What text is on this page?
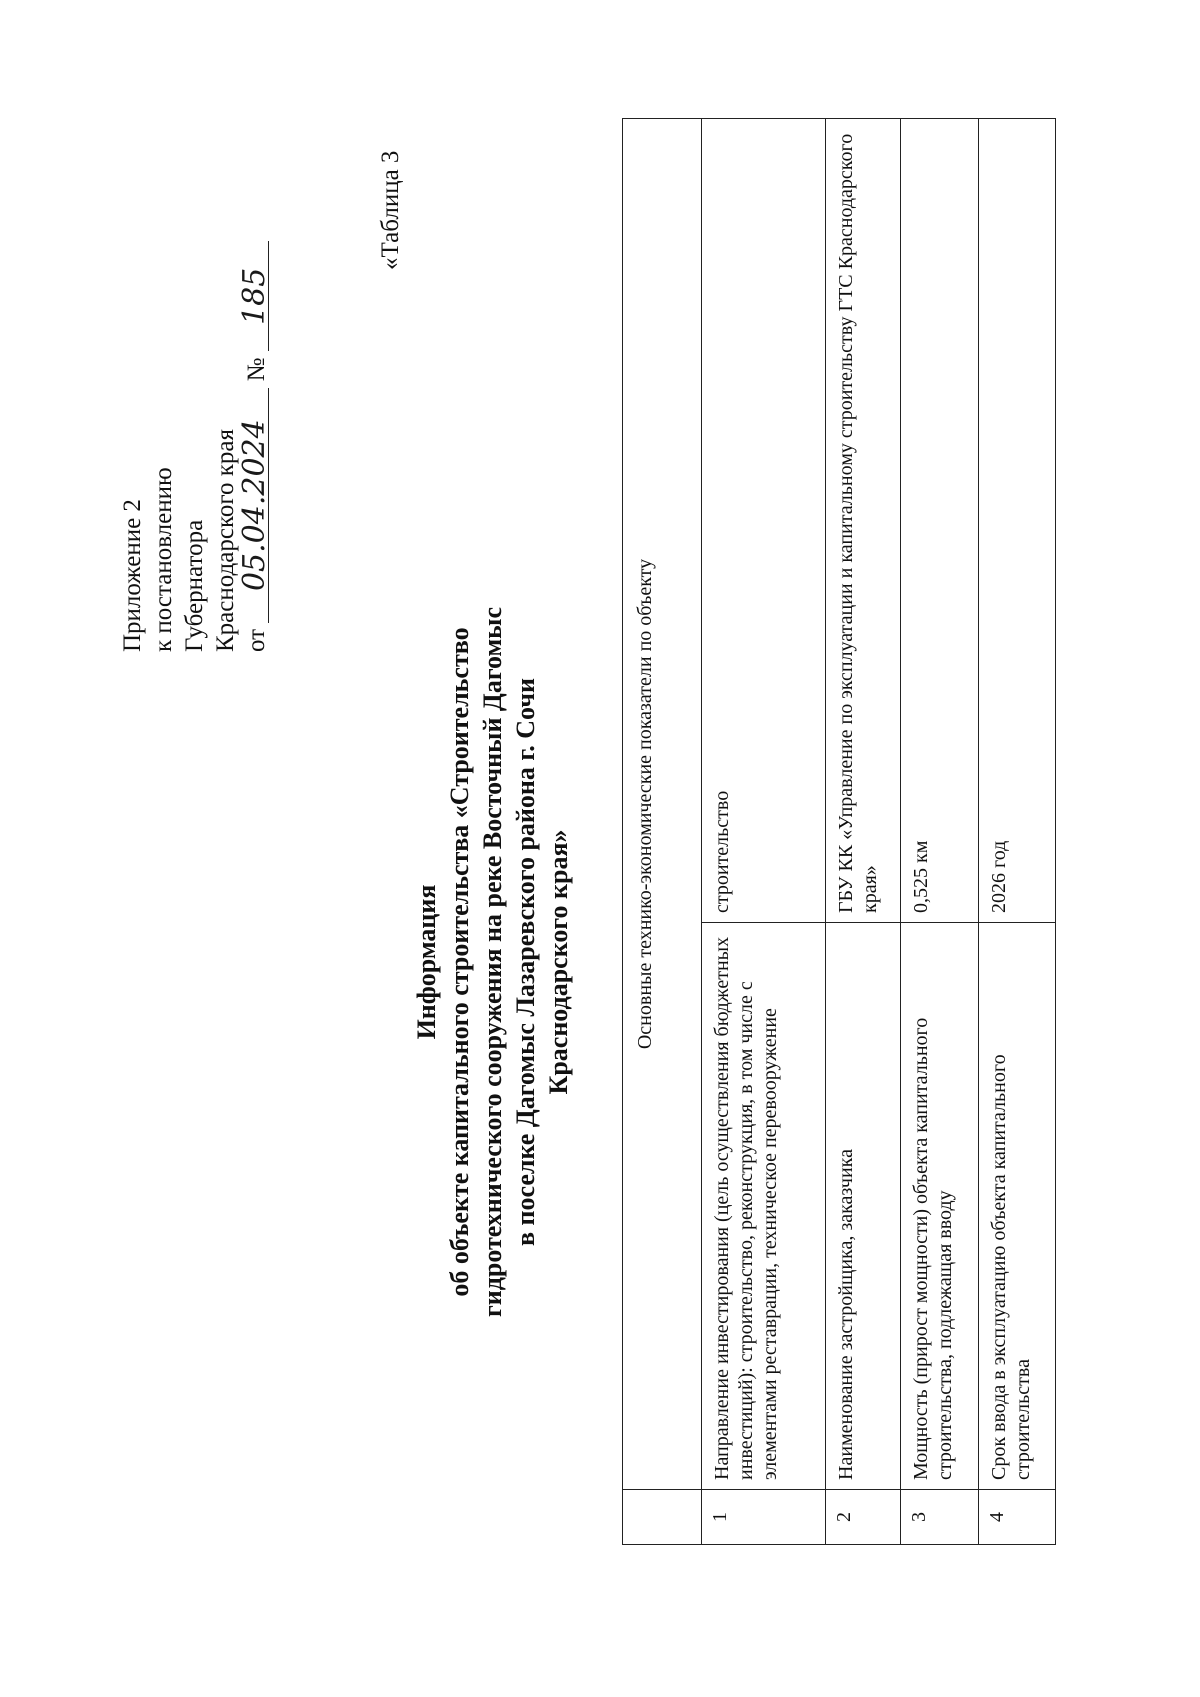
Приложение 2 к постановлению Губернатора Краснодарского края от 05.04.2024 № 185
«Таблица 3
Информация об объекте капитального строительства «Строительство гидротехнического сооружения на реке Восточный Дагомыс в поселке Дагомыс Лазаревского района г. Сочи Краснодарского края»
		Основные технико-экономические показатели по объекту	
1	Направление инвестирования (цель осуществления бюджетных инвестиций): строительство, реконструкция, в том числе с элементами реставрации, техническое перевооружение	строительство
2	Наименование застройщика, заказчика	ГБУ КК «Управление по эксплуатации и капитальному строительству ГТС Краснодарского края»
3	Мощность (прирост мощности) объекта капитального строительства, подлежащая вводу	0,525 км
4	Срок ввода в эксплуатацию объекта капитального строительства	2026 год
